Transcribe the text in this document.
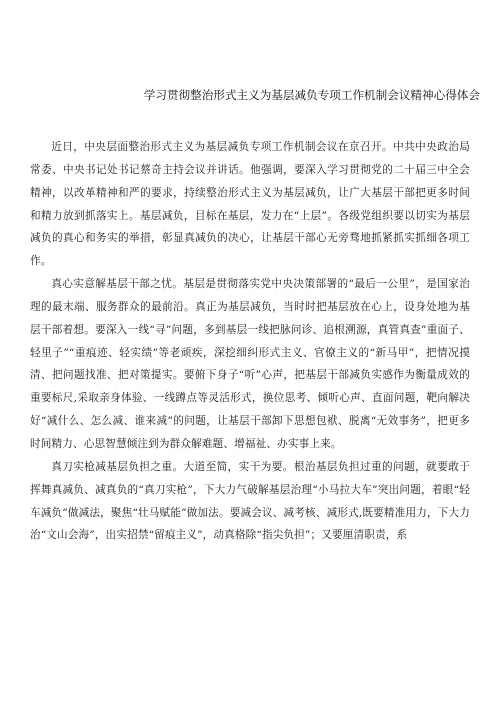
学习贯彻整治形式主义为基层减负专项工作机制会议精神心得体会

近日，中央层面整治形式主义为基层减负专项工作机制会议在京召开。中共中央政治局常委、中央书记处书记蔡奇主持会议并讲话。他强调，要深入学习贯彻党的二十届三中全会精神，以改革精神和严的要求，持续整治形式主义为基层减负，让广大基层干部把更多时间和精力放到抓落实上。基层减负，目标在基层，发力在“上层”。各级党组织要以切实为基层减负的真心和务实的举措，彰显真减负的决心，让基层干部心无旁骛地抓紧抓实抓细各项工作。

真心实意解基层干部之忧。基层是贯彻落实党中央决策部署的“最后一公里”，是国家治理的最末端、服务群众的最前沿。真正为基层减负，当时时把基层放在心上，设身处地为基层干部着想。要深入一线“寻”问题，多到基层一线把脉问诊、追根溯源，真管真查”重面子、轻里子”“重痕迹、轻实绩”等老顽疾，深挖细纠形式主义、官僚主义的“新马甲”，把情况摸清、把问题找准、把对策提实。要俯下身子“听”心声，把基层干部减负实感作为衡量成效的重要标尺,采取亲身体验、一线蹲点等灵活形式，换位思考、倾听心声、直面问题，靶向解决好“减什么、怎么减、谁来减”的问题，让基层干部卸下思想包袱、脱离“无效事务”，把更多时间精力、心思智慧倾注到为群众解难题、增福祉、办实事上来。

真刀实枪减基层负担之重。大道至简，实干为要。根治基层负担过重的问题，就要敢于挥舞真减负、减真负的“真刀实枪”，下大力气破解基层治理“小马拉大车”突出问题，着眼“轻车减负”做减法，聚焦“壮马赋能”做加法。要减会议、减考核、减形式,既要精准用力，下大力治“文山会海”，出实招禁“留痕主义”，动真格除“指尖负担”；又要厘清职责，系
